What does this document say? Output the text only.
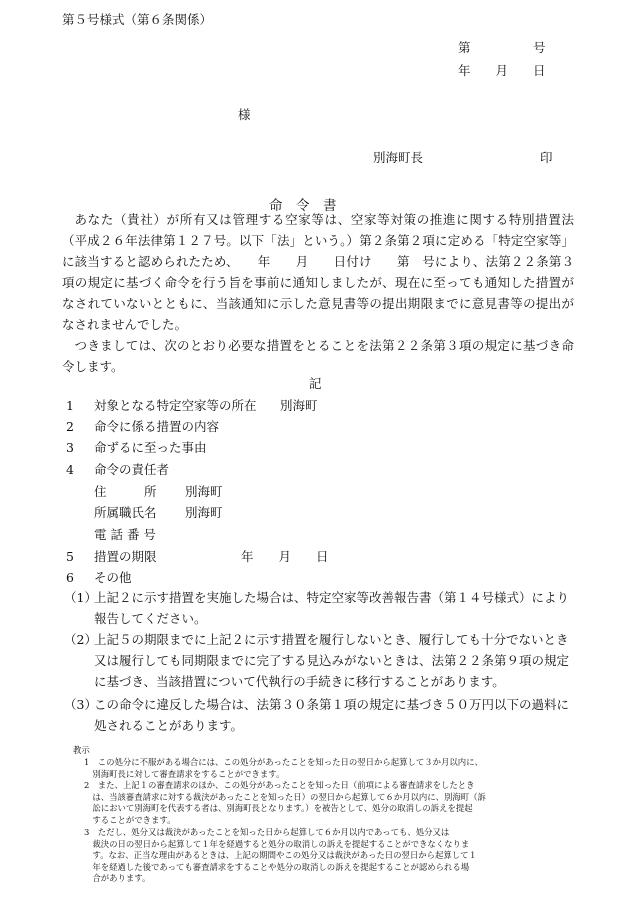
第５号様式（第６条関係）
第　　　　　号
年　　月　　日
様
別海町長	印
命　令　書

あなた（貴社）が所有又は管理する空家等は、空家等対策の推進に関する特別措置法（平成２６年法律第１２７号。以下「法」という。）第２条第２項に定める「特定空家等」に該当すると認められたため、　　年　　月　　日付け　　第　号により、法第２２条第３項の規定に基づく命令を行う旨を事前に通知しましたが、現在に至っても通知した措置がなされていないとともに、当該通知に示した意見書等の提出期限までに意見書等の提出がなされませんでした。

つきましては、次のとおり必要な措置をとることを法第２２条第３項の規定に基づき命令します。

記
1 対象となる特定空家等の所在 別海町
2 命令に係る措置の内容
3 命ずるに至った事由
4 命令の責任者
住　　　所 別海町
所属職氏名 別海町
電 話 番 号
5 措置の期限	年　　月　　日
6 その他
（1）
上記２に示す措置を実施した場合は、特定空家等改善報告書（第１４号様式）により報告してください。
（2）
上記５の期限までに上記２に示す措置を履行しないとき、履行しても十分でないとき又は履行しても同期限までに完了する見込みがないときは、法第２２条第９項の規定に基づき、当該措置について代執行の手続きに移行することがあります。
（3）
この命令に違反した場合は、法第３０条第１項の規定に基づき５０万円以下の過料に処されることがあります。
教示
1　この処分に不服がある場合には、この処分があったことを知った日の翌日から起算して３か月以内に、
　別海町長に対して審査請求をすることができます。
2　また、上記１の審査請求のほか、この処分があったことを知った日（前項による審査請求をしたとき
　は、当該審査請求に対する裁決があったことを知った日）の翌日から起算して６か月以内に、別海町（訴
　訟において別海町を代表する者は、別海町長となります。）を被告として、処分の取消しの訴えを提起
　することができます。
3　ただし、処分又は裁決があったことを知った日から起算して６か月以内であっても、処分又は
　裁決の日の翌日から起算して１年を経過すると処分の取消しの訴えを提起することができなくなりま
　す。なお、正当な理由があるときは、上記の期間やこの処分又は裁決があった日の翌日から起算して１
　年を経過した後であっても審査請求をすることや処分の取消しの訴えを提起することが認められる場
　合があります。
